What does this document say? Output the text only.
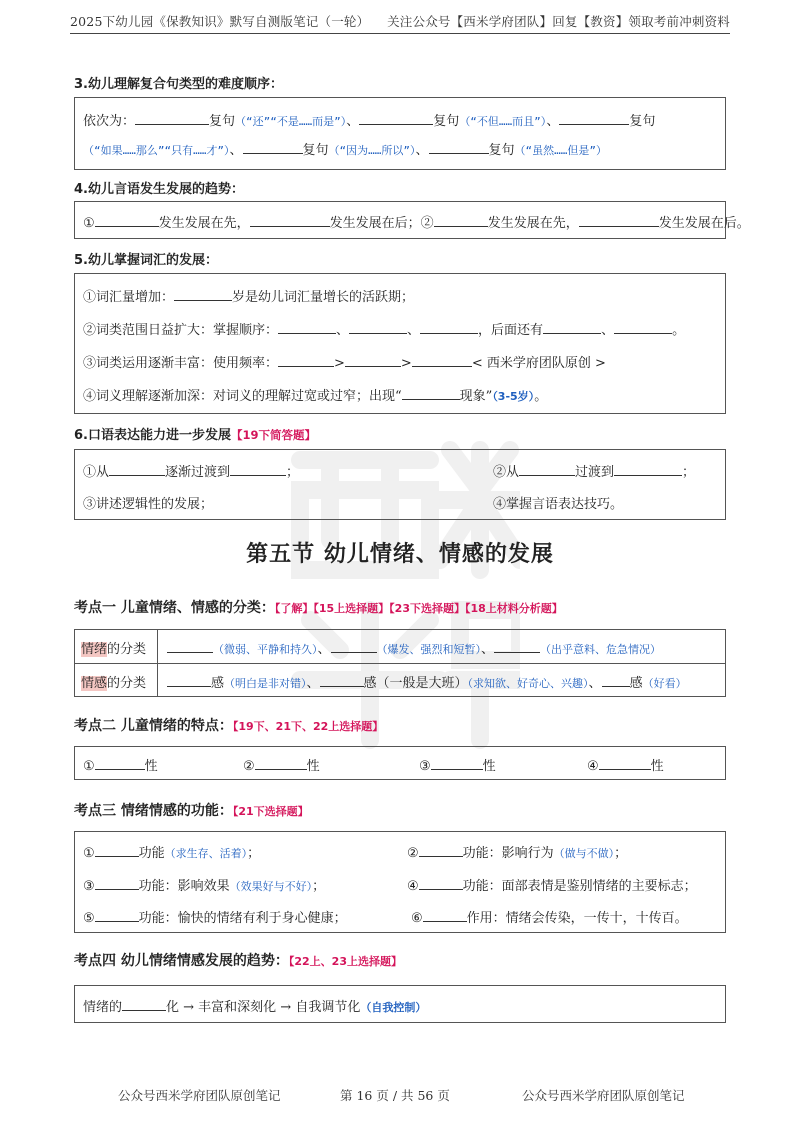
2025下幼儿园《保教知识》默写自测版笔记（一轮） 关注公众号【西米学府团队】回复【教资】领取考前冲刺资料
3.幼儿理解复合句类型的难度顺序：
依次为：	复句（“还”“不是……而是”）、	复句（“不但……而且”）、	复句
（“如果……那么”“只有……才”）、	复句（“因为……所以”）、	复句（“虽然……但是”）
4.幼儿言语发生发展的趋势：
①	发生发展在先，	发生发展在后；②	发生发展在先，	发生发展在后。
5.幼儿掌握词汇的发展：
①词汇量增加：	岁是幼儿词汇量增长的活跃期；
②词类范围日益扩大：掌握顺序：	、	、	，后面还有	、	。
③词类运用逐渐丰富：使用频率：	>	>	< 西米学府团队原创 >
④词义理解逐渐加深：对词义的理解过宽或过窄；出现“	现象”（3-5岁）。
6.口语表达能力进一步发展【19下简答题】
①从	逐渐过渡到	；	②从	过渡到	；
③讲述逻辑性的发展；	④掌握言语表达技巧。
第五节 幼儿情绪、情感的发展
考点一 儿童情绪、情感的分类：【了解】【15上选择题】【23下选择题】【18上材料分析题】
情绪的分类	（微弱、平静和持久）、	（爆发、强烈和短暂）、	（出乎意料、危急情况）
情感的分类	感（明白是非对错）、	感（一般是大班）（求知欲、好奇心、兴趣）、 感（好看）
考点二 儿童情绪的特点：【19下、21下、22上选择题】
①	性	②	性	③	性	④	性
考点三 情绪情感的功能：【21下选择题】
①	功能（求生存、活着）；	②	功能：影响行为（做与不做）；
③	功能：影响效果（效果好与不好）；	④	功能：面部表情是鉴别情绪的主要标志；
⑤	功能：愉快的情绪有利于身心健康；	⑥	作用：情绪会传染，一传十，十传百。
考点四 幼儿情绪情感发展的趋势：【22上、23上选择题】
情绪的	化 → 丰富和深刻化 → 自我调节化（自我控制）
公众号西米学府团队原创笔记	第 16 页 / 共 56 页	公众号西米学府团队原创笔记
